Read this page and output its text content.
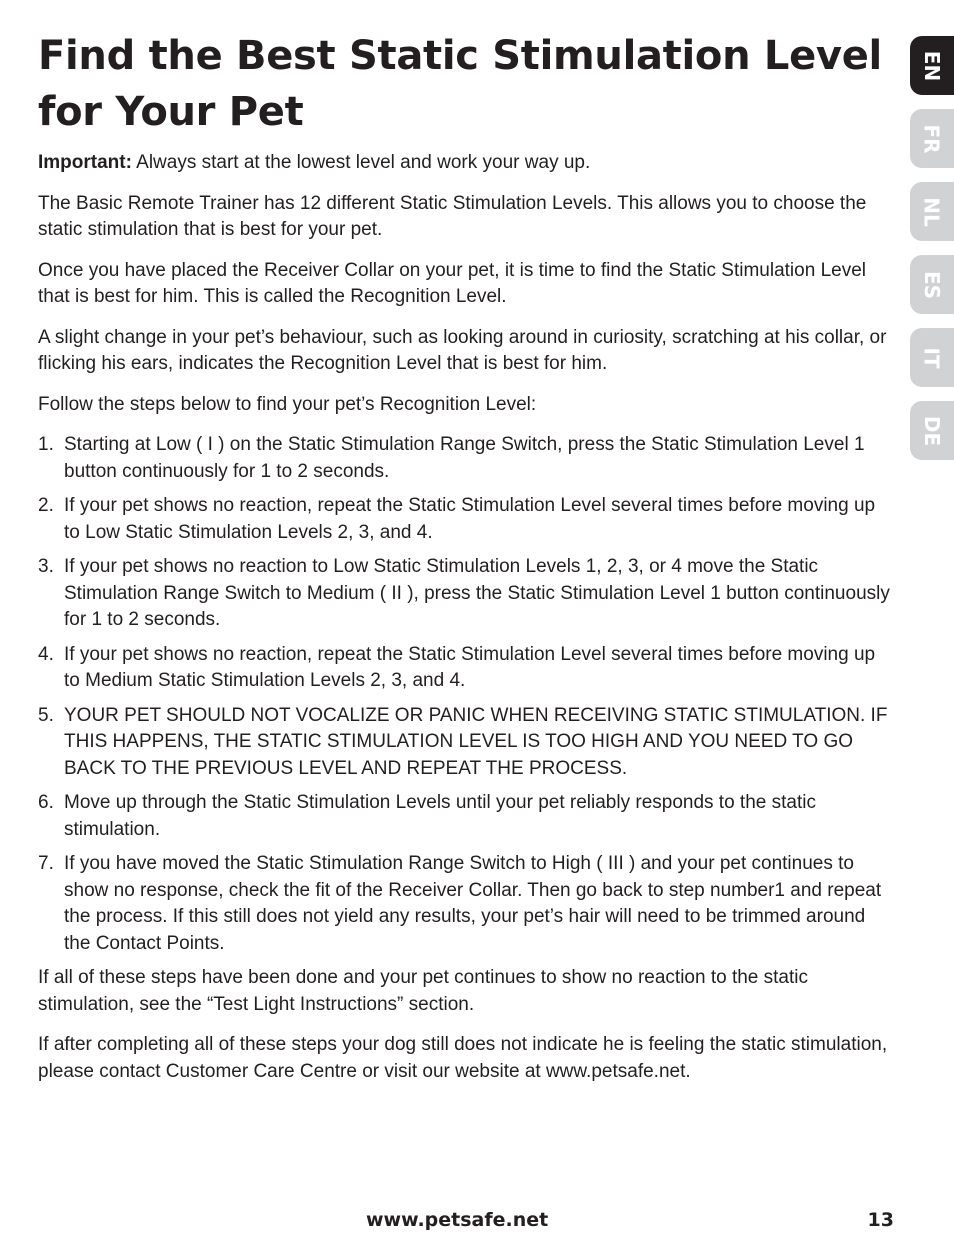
Find the Best Static Stimulation Level for Your Pet

Important: Always start at the lowest level and work your way up.

The Basic Remote Trainer has 12 different Static Stimulation Levels. This allows you to choose the static stimulation that is best for your pet.

Once you have placed the Receiver Collar on your pet, it is time to find the Static Stimulation Level that is best for him. This is called the Recognition Level.

A slight change in your pet’s behaviour, such as looking around in curiosity, scratching at his collar, or flicking his ears, indicates the Recognition Level that is best for him.

Follow the steps below to find your pet’s Recognition Level:

1. Starting at Low ( I ) on the Static Stimulation Range Switch, press the Static Stimulation Level 1 button continuously for 1 to 2 seconds.
2. If your pet shows no reaction, repeat the Static Stimulation Level several times before moving up to Low Static Stimulation Levels 2, 3, and 4.
3. If your pet shows no reaction to Low Static Stimulation Levels 1, 2, 3, or 4 move the Static Stimulation Range Switch to Medium ( II ), press the Static Stimulation Level 1 button continuously for 1 to 2 seconds.
4. If your pet shows no reaction, repeat the Static Stimulation Level several times before moving up to Medium Static Stimulation Levels 2, 3, and 4.
5. YOUR PET SHOULD NOT VOCALIZE OR PANIC WHEN RECEIVING STATIC STIMULATION. IF THIS HAPPENS, THE STATIC STIMULATION LEVEL IS TOO HIGH AND YOU NEED TO GO BACK TO THE PREVIOUS LEVEL AND REPEAT THE PROCESS.
6. Move up through the Static Stimulation Levels until your pet reliably responds to the static stimulation.
7. If you have moved the Static Stimulation Range Switch to High ( III ) and your pet continues to show no response, check the fit of the Receiver Collar. Then go back to step number1 and repeat the process. If this still does not yield any results, your pet’s hair will need to be trimmed around the Contact Points.

If all of these steps have been done and your pet continues to show no reaction to the static stimulation, see the “Test Light Instructions” section.

If after completing all of these steps your dog still does not indicate he is feeling the static stimulation, please contact Customer Care Centre or visit our website at www.petsafe.net.

EN
FR
NL
ES
IT
DE
www.petsafe.net	13
